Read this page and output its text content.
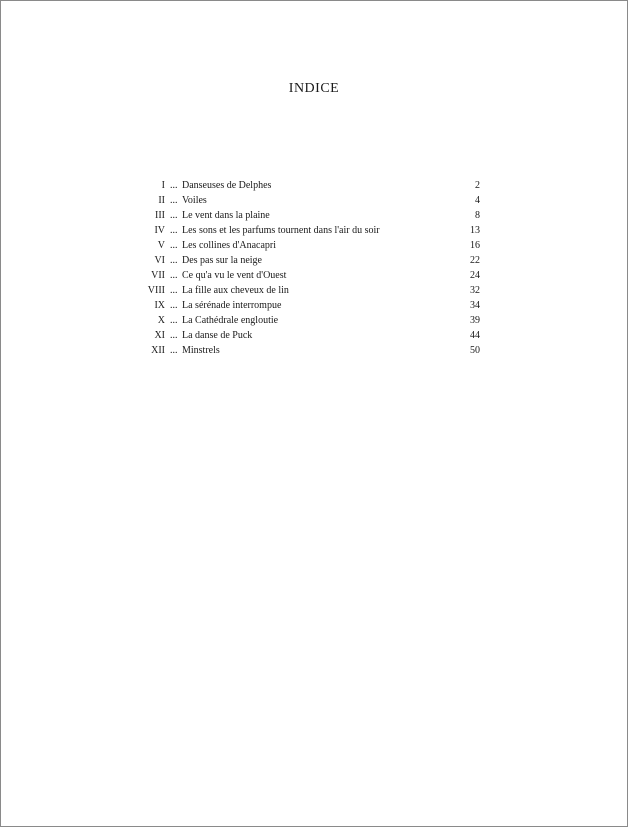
INDICE
I ... Danseuses de Delphes	2
II ... Voiles	4
III ... Le vent dans la plaine	8
IV ... Les sons et les parfums tournent dans l'air du soir	13
V ... Les collines d'Anacapri	16
VI ... Des pas sur la neige	22
VII ... Ce qu'a vu le vent d'Ouest	24
VIII ... La fille aux cheveux de lin	32
IX ... La sérénade interrompue	34
X ... La Cathédrale engloutie	39
XI ... La danse de Puck	44
XII ... Minstrels	50
